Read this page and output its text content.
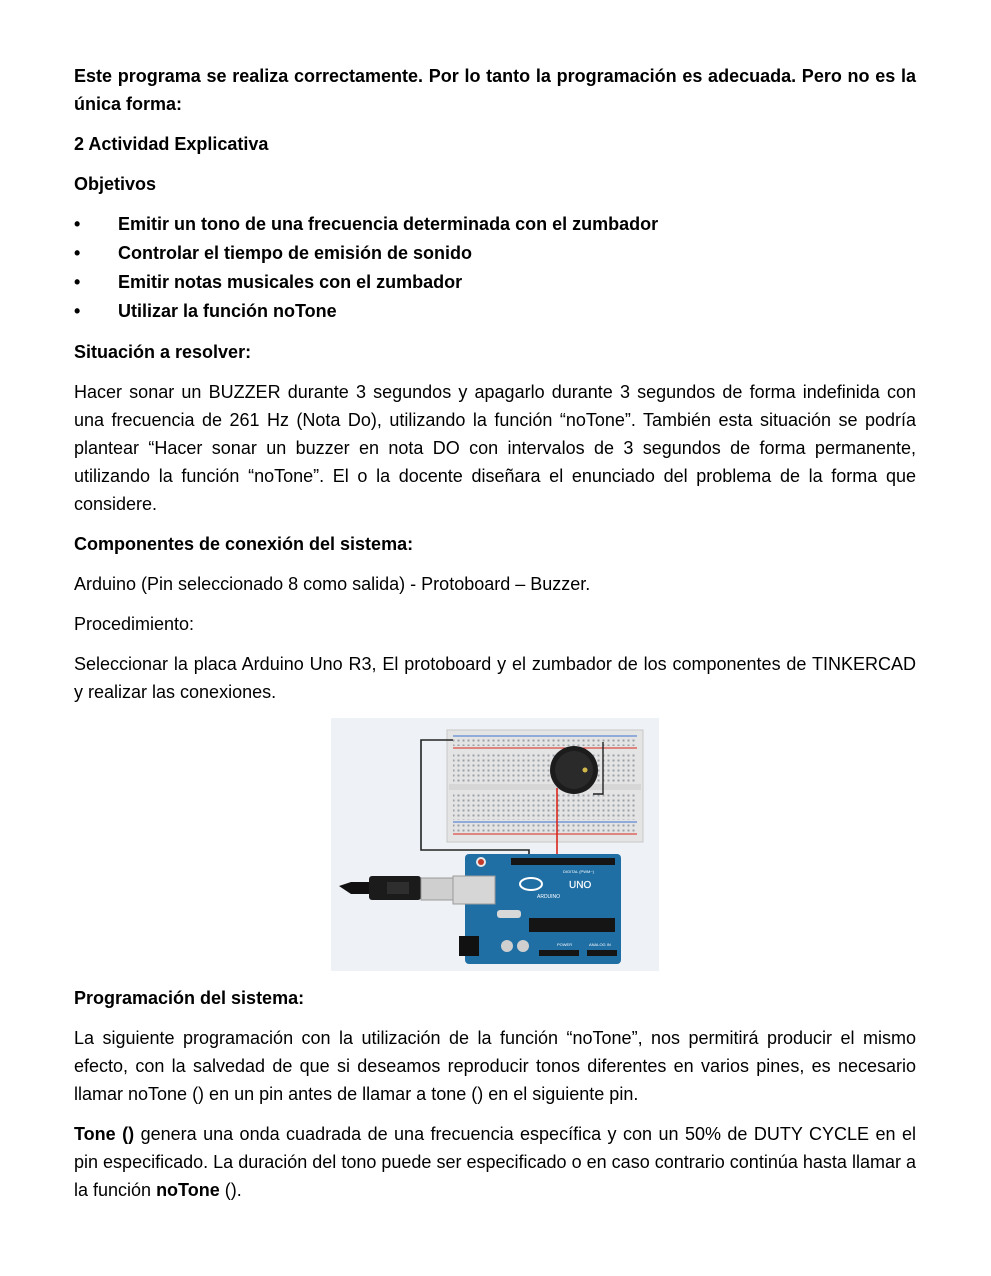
Este programa se realiza correctamente. Por lo tanto la programación es adecuada. Pero no es la única forma:

2 Actividad Explicativa

Objetivos

• Emitir un tono de una frecuencia determinada con el zumbador
• Controlar el tiempo de emisión de sonido
• Emitir notas musicales con el zumbador
• Utilizar la función noTone

Situación a resolver:

Hacer sonar un BUZZER durante 3 segundos y apagarlo durante 3 segundos de forma indefinida con una frecuencia de 261 Hz (Nota Do), utilizando la función “noTone”. También esta situación se podría plantear “Hacer sonar un buzzer en nota DO con intervalos de 3 segundos de forma permanente, utilizando la función “noTone”. El o la docente diseñara el enunciado del problema de la forma que considere.

Componentes de conexión del sistema:

Arduino (Pin seleccionado 8 como salida) - Protoboard – Buzzer.

Procedimiento:

Seleccionar la placa Arduino Uno R3, El protoboard y el zumbador de los componentes de TINKERCAD y realizar las conexiones.

UNO
ARDUINO
DIGITAL (PWM~)
POWER	ANALOG IN

Programación del sistema:

La siguiente programación con la utilización de la función “noTone”, nos permitirá producir el mismo efecto, con la salvedad de que si deseamos reproducir tonos diferentes en varios pines, es necesario llamar noTone () en un pin antes de llamar a tone () en el siguiente pin.

Tone () genera una onda cuadrada de una frecuencia específica y con un 50% de DUTY CYCLE en el pin especificado. La duración del tono puede ser especificado o en caso contrario continúa hasta llamar a la función noTone ().
